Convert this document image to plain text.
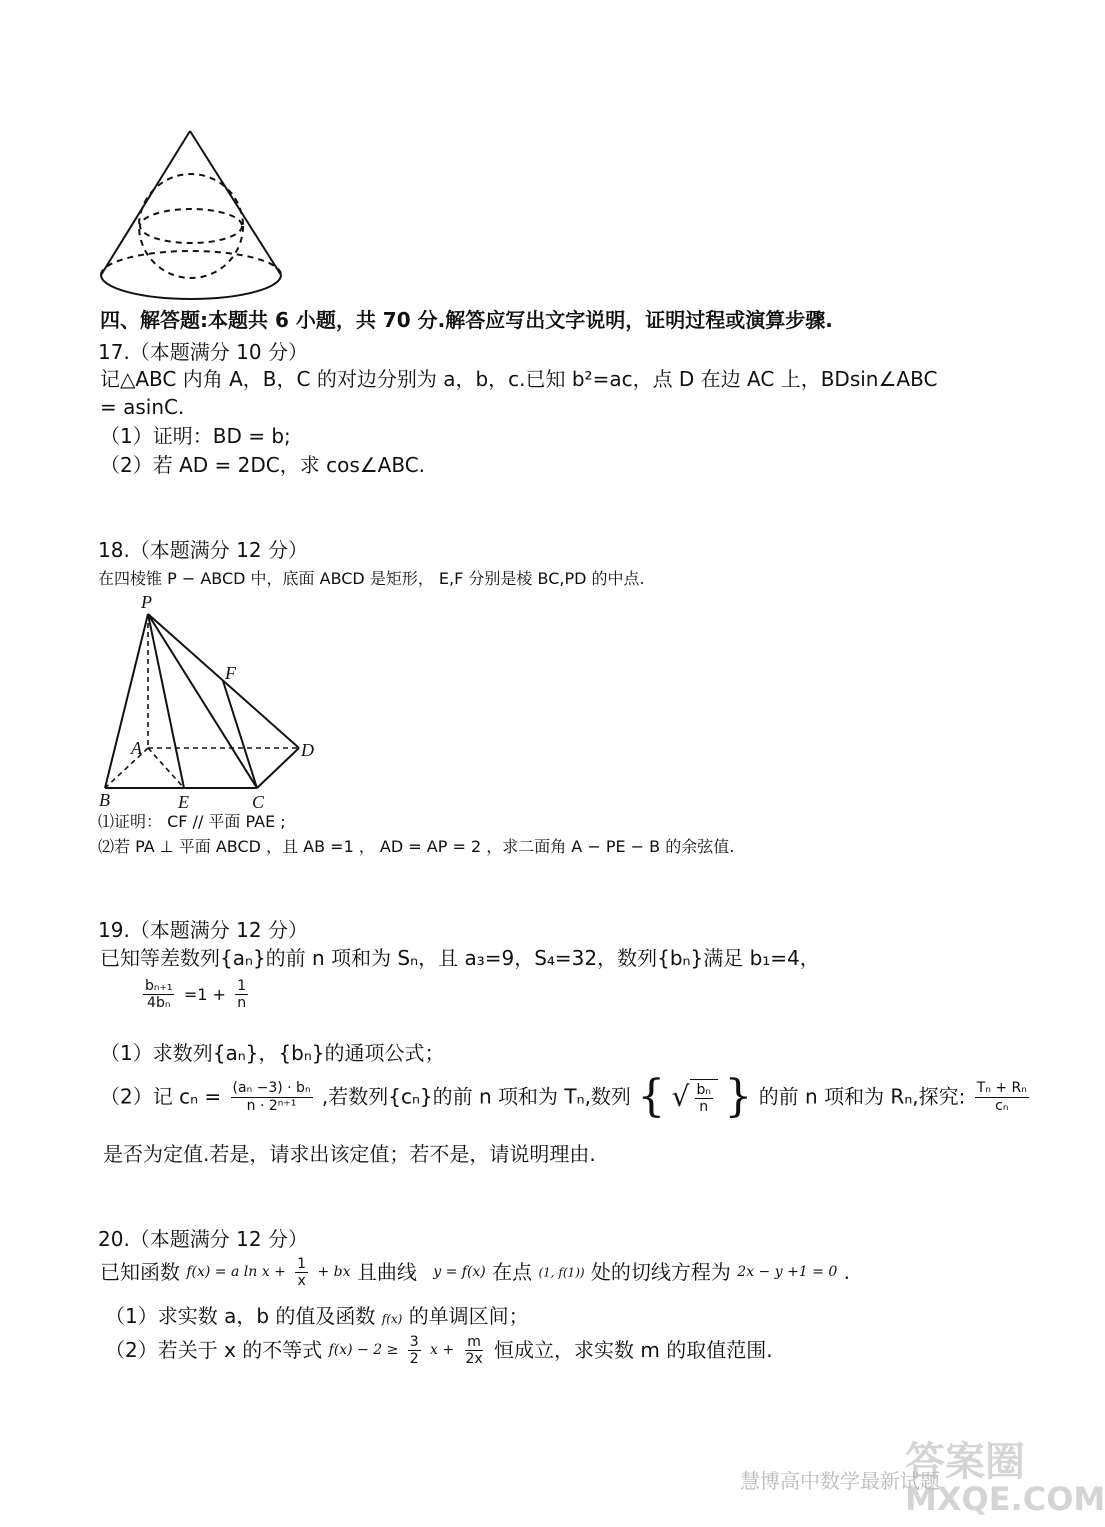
四、解答题:本题共 6 小题，共 70 分.解答应写出文字说明，证明过程或演算步骤.
17.（本题满分 10 分）
记△ABC 内角 A，B，C 的对边分别为 a，b，c.已知 b²=ac，点 D 在边 AC 上，BDsin∠ABC
= asinC.
（1）证明：BD = b;
（2）若 AD = 2DC，求 cos∠ABC.
18.（本题满分 12 分）
在四棱锥 P − ABCD 中，底面 ABCD 是矩形， E,F 分别是棱 BC,PD 的中点.
P
F
A	D
B	E	C
⑴证明： CF // 平面 PAE ;
⑵若 PA ⊥ 平面 ABCD ，且 AB =1 ， AD = AP = 2 ，求二面角 A − PE − B 的余弦值.
19.（本题满分 12 分）
已知等差数列{aₙ}的前 n 项和为 Sₙ，且 a₃=9，S₄=32，数列{bₙ}满足 b₁=4，
$\frac{\text{bₙ₊₁}}{\text{4bₙ}} =1 + \frac{1}{n}$
（1）求数列{aₙ}，{bₙ}的通项公式；
（2）记 $c_n = \frac{\text{(aₙ −3) · bₙ}}{\text{n · 2ⁿ⁺¹}}$ ,若数列{cₙ}的前 n 项和为 Tₙ,数列 { √ $\frac{\text{bₙ}}{n}$ } 的前 n 项和为 Rₙ,探究: $\frac{\text{Tₙ + Rₙ}}{\text{cₙ}}$
是否为定值.若是，请求出该定值；若不是，请说明理由.
20.（本题满分 12 分）
已知函数 f(x) = a $\ln x + \frac{1}{x}$ + bx 且曲线 y = f(x) 在点 (1, f(1)) 处的切线方程为 2x − y +1 = 0 .
（1）求实数 a，b 的值及函数 f(x) 的单调区间；
（2）若关于 x 的不等式 $f(x) - 2 \ge \frac{3}{2}$ $x + \frac{m}{2x}$ 恒成立，求实数 m 的取值范围.
慧博高中数学最新试题
答案圈
MXQE.COM
